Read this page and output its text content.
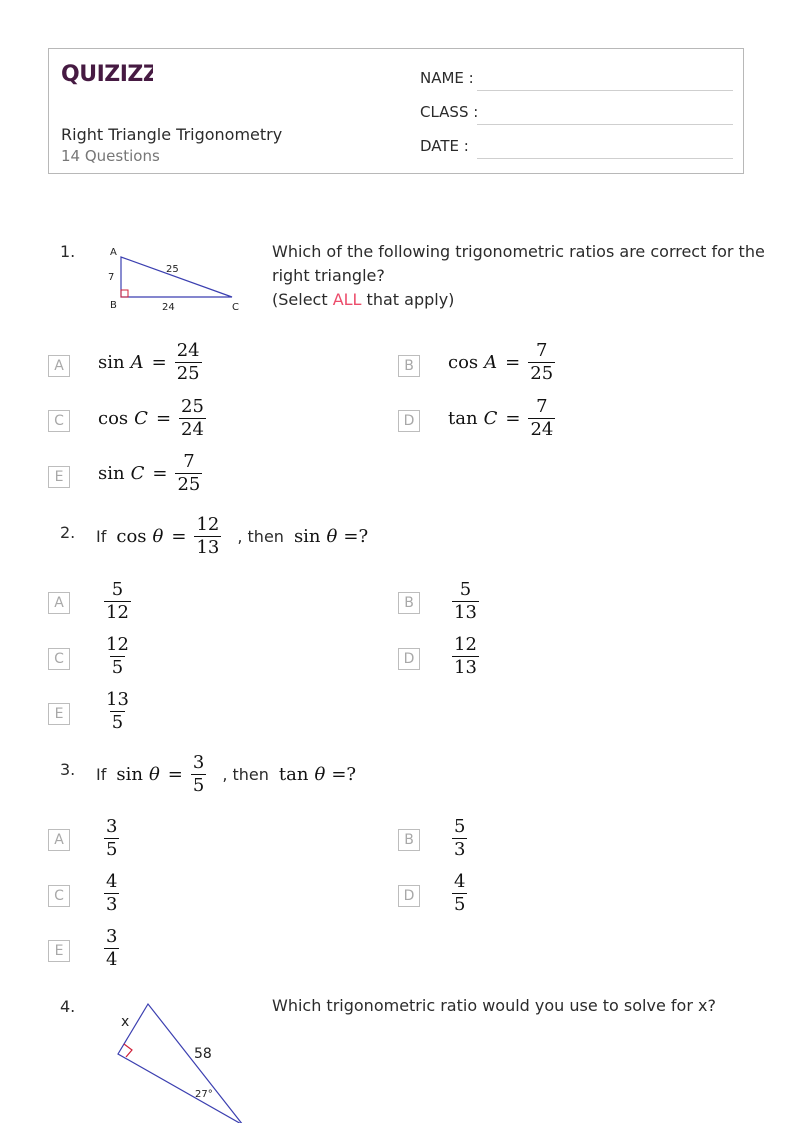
QUIZIZZ
Right Triangle Trigonometry
14 Questions
NAME :
CLASS :
DATE :
1.	A
B	C
7
24
25
Which of the following trigonometric ratios are correct for the
right triangle?
(Select ALL that apply)
A	$\sin A = \frac{24}{25}$	B	$\cos A = \frac{7}{25}$
C	$\cos C = \frac{25}{24}$	D	$\tan C = \frac{7}{24}$
E	$\sin C = \frac{7}{25}$
2. If $\cos \theta = \frac{12}{13}$ , then sin θ =?
A	$\frac{5}{12}$	B	$\frac{5}{13}$
C	$\frac{12}{5}$	D	$\frac{12}{13}$
E	$\frac{13}{5}$
3. If $\sin \theta = \frac{3}{5}$ , then tan θ =?
A	$\frac{3}{5}$	B	$\frac{5}{3}$
C	$\frac{4}{3}$	D	$\frac{4}{5}$
E	$\frac{3}{4}$
4.
x
58
27°
Which trigonometric ratio would you use to solve for x?
